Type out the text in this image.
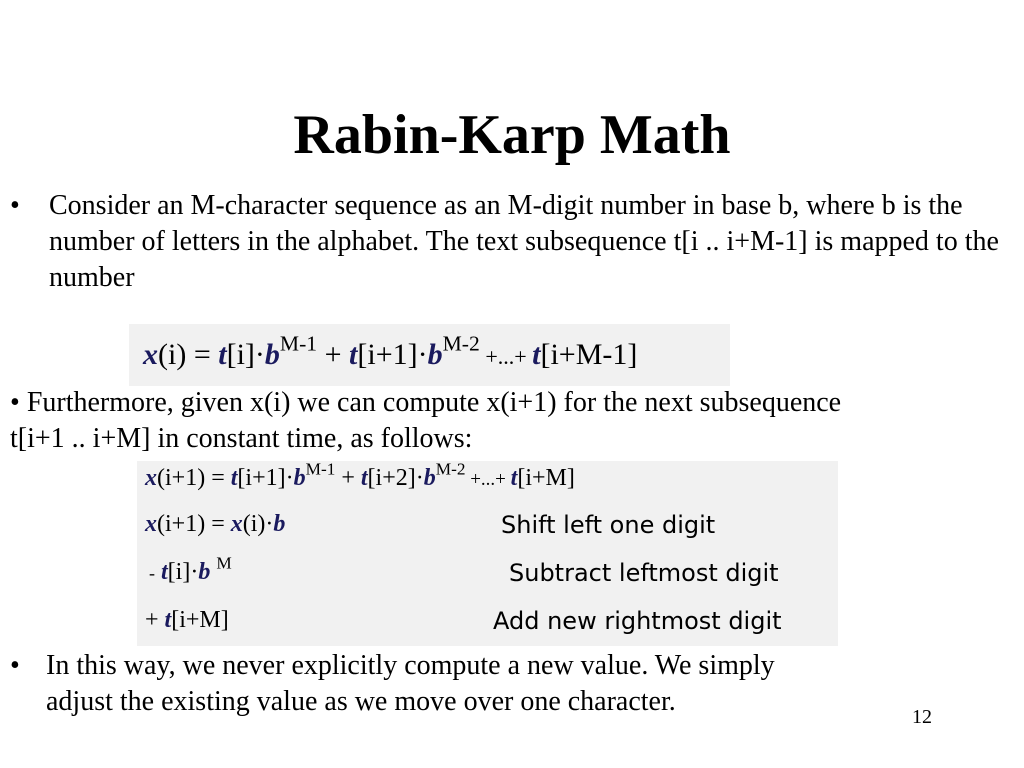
Rabin-Karp Math
• Consider an M-character sequence as an M-digit number in base b, where b is the number of letters in the alphabet. The text subsequence t[i .. i+M-1] is mapped to the number
$x(i) = t[i]\cdot b^{M-1} + t[i+1]\cdot b^{M-2}$ +...+ t[i+M-1]
• Furthermore, given x(i) we can compute x(i+1) for the next subsequence t[i+1 .. i+M] in constant time, as follows:
$x(i+1) = t[i+1]\cdot b^{M-1} + t[i+2]\cdot b^{M-2}$ +...+ t[i+M]
x(i+1) = x(i)·b	Shift left one digit
- t[i]·b $^M$	Subtract leftmost digit
+ t[i+M]	Add new rightmost digit
• In this way, we never explicitly compute a new value. We simply adjust the existing value as we move over one character.	12
